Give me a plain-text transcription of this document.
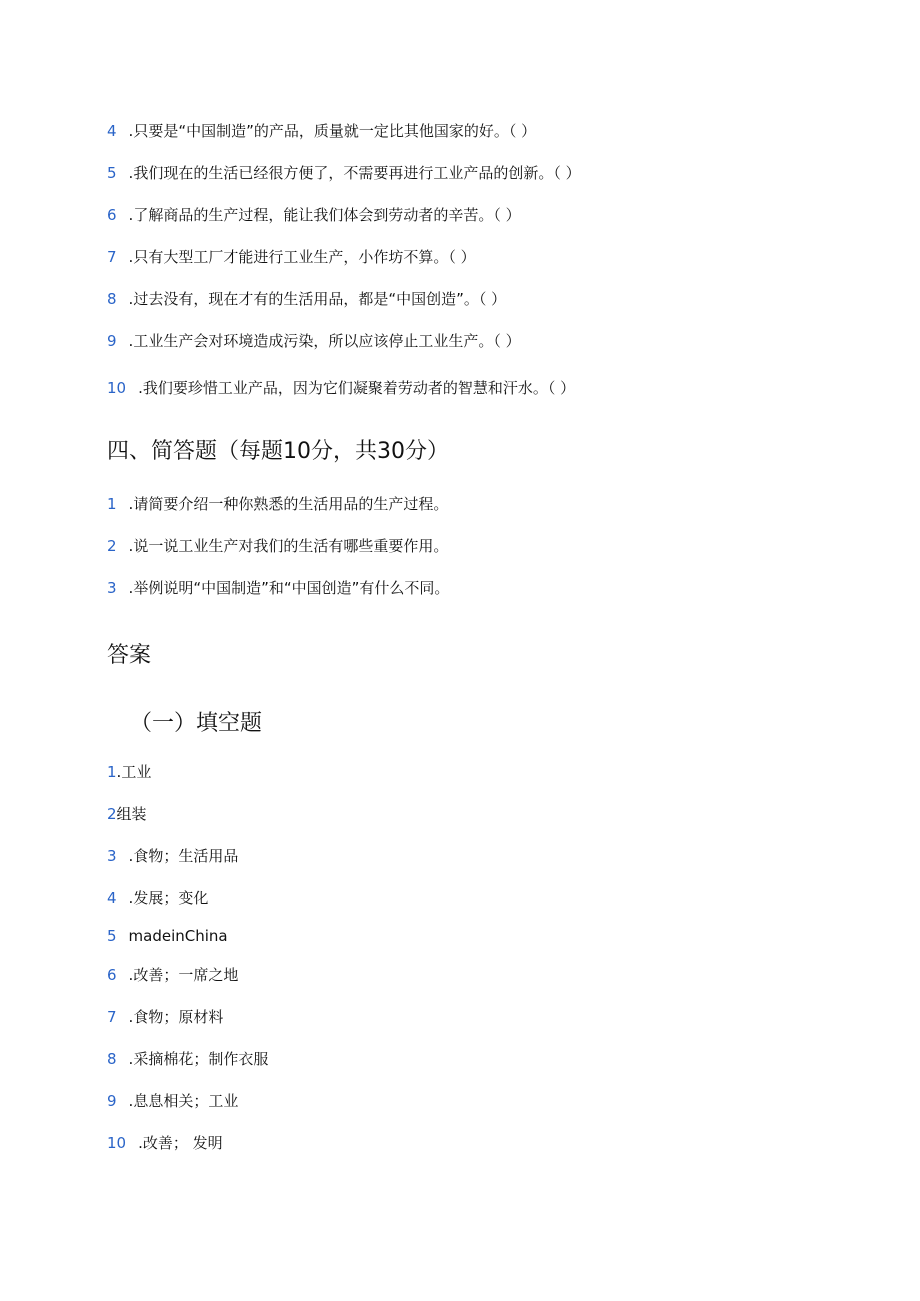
4 .只要是“中国制造”的产品，质量就一定比其他国家的好。（ ）
5 .我们现在的生活已经很方便了，不需要再进行工业产品的创新。（ ）
6 .了解商品的生产过程，能让我们体会到劳动者的辛苦。（ ）
7 .只有大型工厂才能进行工业生产，小作坊不算。（ ）
8 .过去没有，现在才有的生活用品，都是“中国创造”。（ ）
9 .工业生产会对环境造成污染，所以应该停止工业生产。（ ）
10 .我们要珍惜工业产品，因为它们凝聚着劳动者的智慧和汗水。（ ）
四、简答题（每题10分，共30分）
1 .请简要介绍一种你熟悉的生活用品的生产过程。
2 .说一说工业生产对我们的生活有哪些重要作用。
3 .举例说明“中国制造”和“中国创造”有什么不同。
答案
（一）填空题
1.工业
2组装
3 .食物；生活用品
4 .发展；变化
5 madeinChina
6 .改善；一席之地
7 .食物；原材料
8 .采摘棉花；制作衣服
9 .息息相关；工业
10 .改善； 发明
